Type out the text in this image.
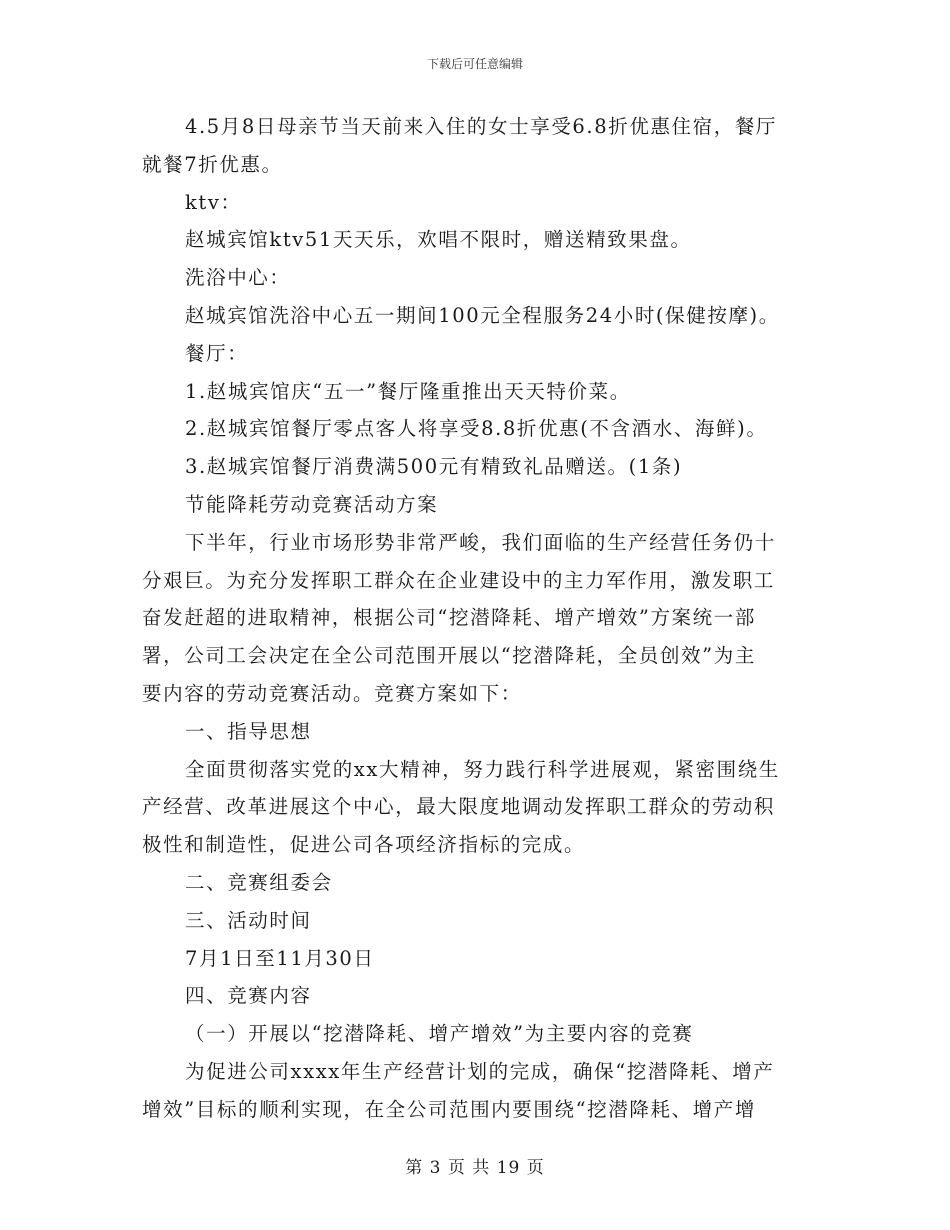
下载后可任意编辑

4.5月8日母亲节当天前来入住的女士享受6.8折优惠住宿，餐厅

就餐7折优惠。

ktv：

赵城宾馆ktv51天天乐，欢唱不限时，赠送精致果盘。

洗浴中心：

赵城宾馆洗浴中心五一期间100元全程服务24小时(保健按摩)。

餐厅：

1.赵城宾馆庆“五一”餐厅隆重推出天天特价菜。

2.赵城宾馆餐厅零点客人将享受8.8折优惠(不含酒水、海鲜)。

3.赵城宾馆餐厅消费满500元有精致礼品赠送。(1条)

节能降耗劳动竞赛活动方案

下半年，行业市场形势非常严峻，我们面临的生产经营任务仍十

分艰巨。为充分发挥职工群众在企业建设中的主力军作用，激发职工

奋发赶超的进取精神，根据公司“挖潜降耗、增产增效”方案统一部

署，公司工会决定在全公司范围开展以“挖潜降耗，全员创效”为主

要内容的劳动竞赛活动。竞赛方案如下：

一、指导思想

全面贯彻落实党的xx大精神，努力践行科学进展观，紧密围绕生

产经营、改革进展这个中心，最大限度地调动发挥职工群众的劳动积

极性和制造性，促进公司各项经济指标的完成。

二、竞赛组委会

三、活动时间

7月1日至11月30日

四、竞赛内容

（一）开展以“挖潜降耗、增产增效”为主要内容的竞赛

为促进公司xxxx年生产经营计划的完成，确保“挖潜降耗、增产

增效”目标的顺利实现，在全公司范围内要围绕“挖潜降耗、增产增

第 3 页 共 19 页
